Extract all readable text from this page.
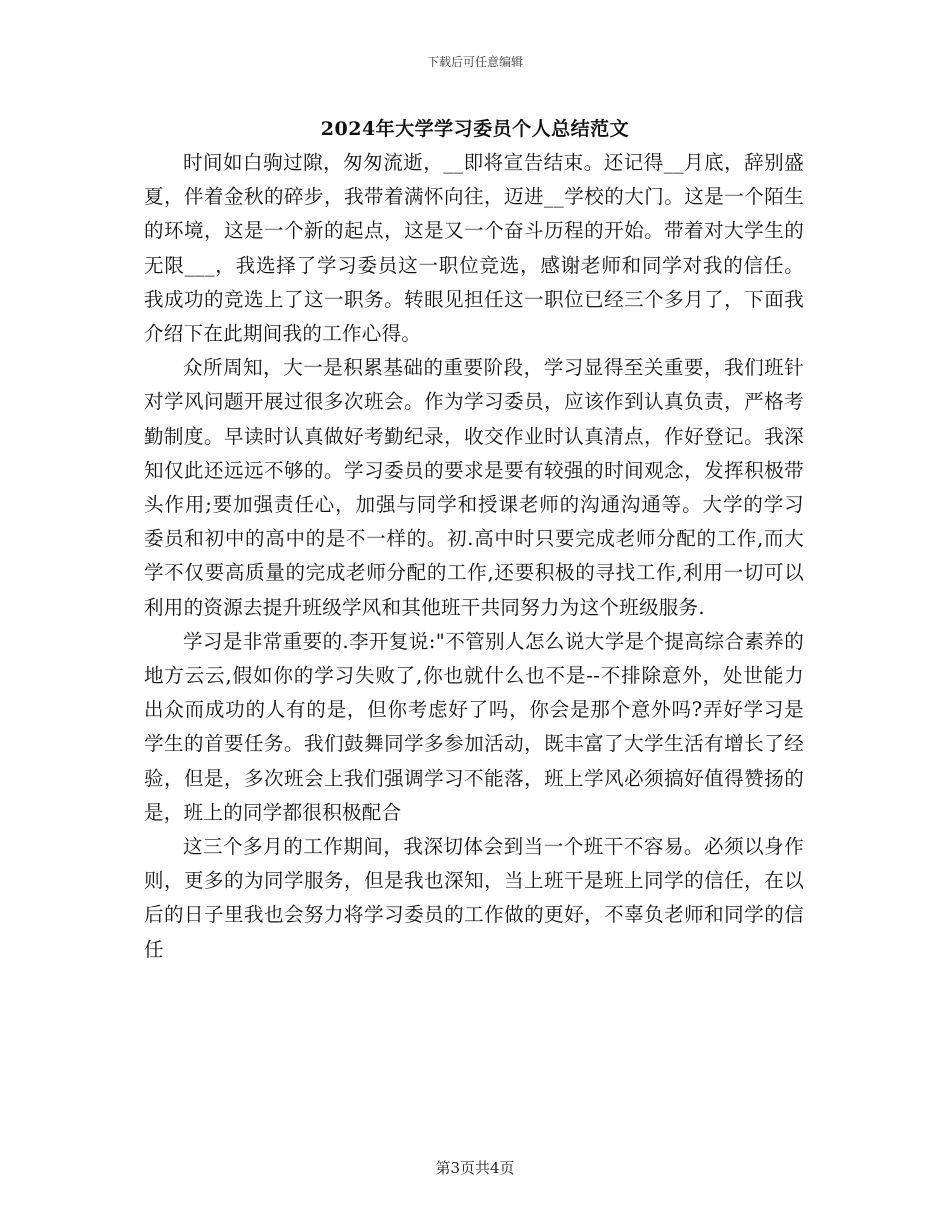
下载后可任意编辑
2024年大学学习委员个人总结范文

时间如白驹过隙，匆匆流逝，__即将宣告结束。还记得__月底，辞别盛夏，伴着金秋的碎步，我带着满怀向往，迈进__学校的大门。这是一个陌生的环境，这是一个新的起点，这是又一个奋斗历程的开始。带着对大学生的无限___，我选择了学习委员这一职位竞选，感谢老师和同学对我的信任。我成功的竞选上了这一职务。转眼见担任这一职位已经三个多月了，下面我介绍下在此期间我的工作心得。

众所周知，大一是积累基础的重要阶段，学习显得至关重要，我们班针对学风问题开展过很多次班会。作为学习委员，应该作到认真负责，严格考勤制度。早读时认真做好考勤纪录，收交作业时认真清点，作好登记。我深知仅此还远远不够的。学习委员的要求是要有较强的时间观念，发挥积极带头作用;要加强责任心，加强与同学和授课老师的沟通沟通等。大学的学习委员和初中的高中的是不一样的。初.高中时只要完成老师分配的工作,而大学不仅要高质量的完成老师分配的工作,还要积极的寻找工作,利用一切可以利用的资源去提升班级学风和其他班干共同努力为这个班级服务.

学习是非常重要的.李开复说:"不管别人怎么说大学是个提高综合素养的地方云云,假如你的学习失败了,你也就什么也不是--不排除意外，处世能力出众而成功的人有的是，但你考虑好了吗，你会是那个意外吗?弄好学习是学生的首要任务。我们鼓舞同学多参加活动，既丰富了大学生活有增长了经验，但是，多次班会上我们强调学习不能落，班上学风必须搞好值得赞扬的是，班上的同学都很积极配合

这三个多月的工作期间，我深切体会到当一个班干不容易。必须以身作则，更多的为同学服务，但是我也深知，当上班干是班上同学的信任，在以后的日子里我也会努力将学习委员的工作做的更好，不辜负老师和同学的信任

第3页共4页
